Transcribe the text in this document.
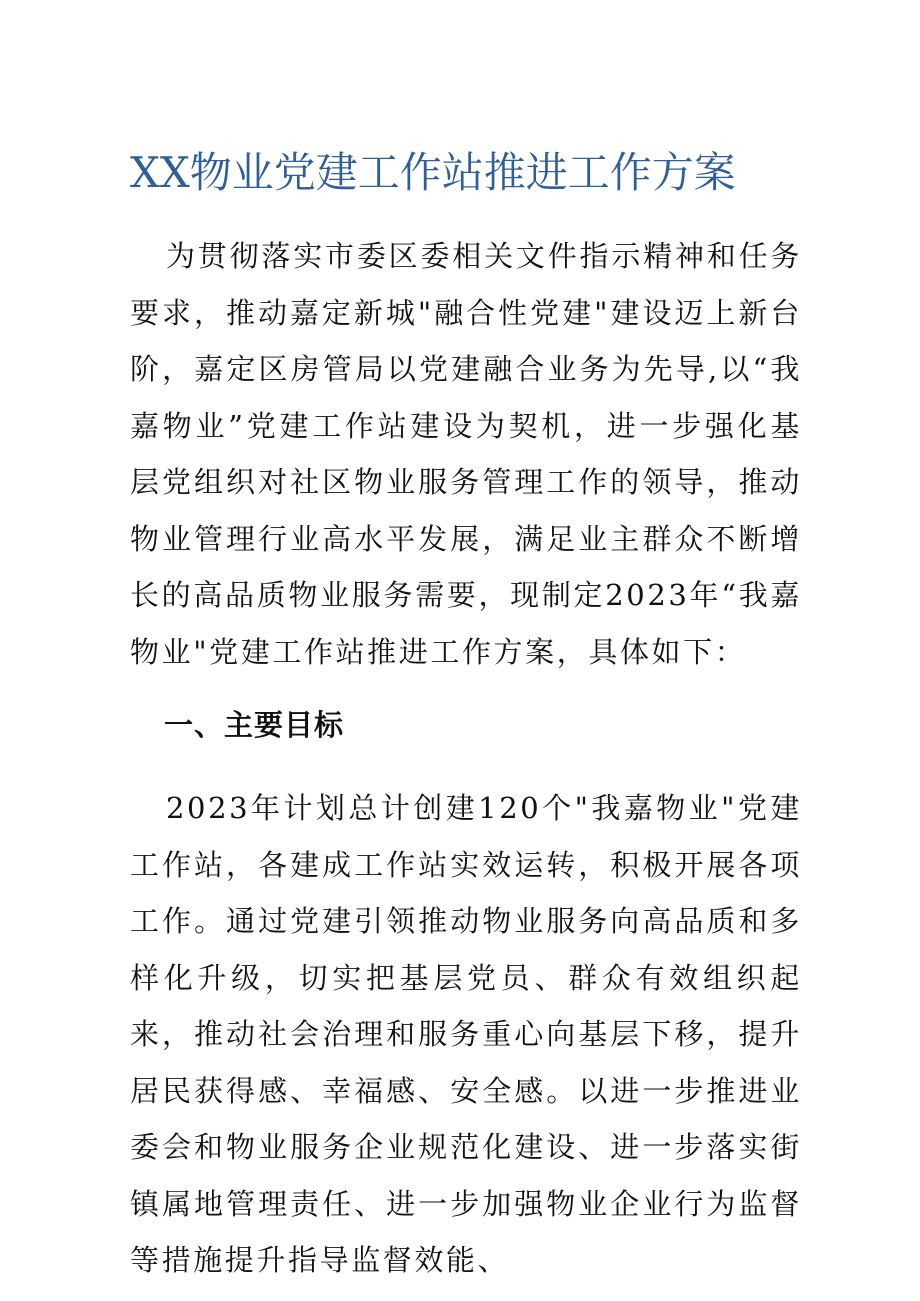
XX物业党建工作站推进工作方案

为贯彻落实市委区委相关文件指示精神和任务要求，推动嘉定新城"融合性党建"建设迈上新台阶，嘉定区房管局以党建融合业务为先导,以“我嘉物业”党建工作站建设为契机，进一步强化基层党组织对社区物业服务管理工作的领导，推动物业管理行业高水平发展，满足业主群众不断增长的高品质物业服务需要，现制定2023年“我嘉物业"党建工作站推进工作方案，具体如下：

一、主要目标

2023年计划总计创建120个"我嘉物业"党建工作站，各建成工作站实效运转，积极开展各项工作。通过党建引领推动物业服务向高品质和多样化升级，切实把基层党员、群众有效组织起来，推动社会治理和服务重心向基层下移，提升居民获得感、幸福感、安全感。以进一步推进业委会和物业服务企业规范化建设、进一步落实街镇属地管理责任、进一步加强物业企业行为监督等措施提升指导监督效能、
